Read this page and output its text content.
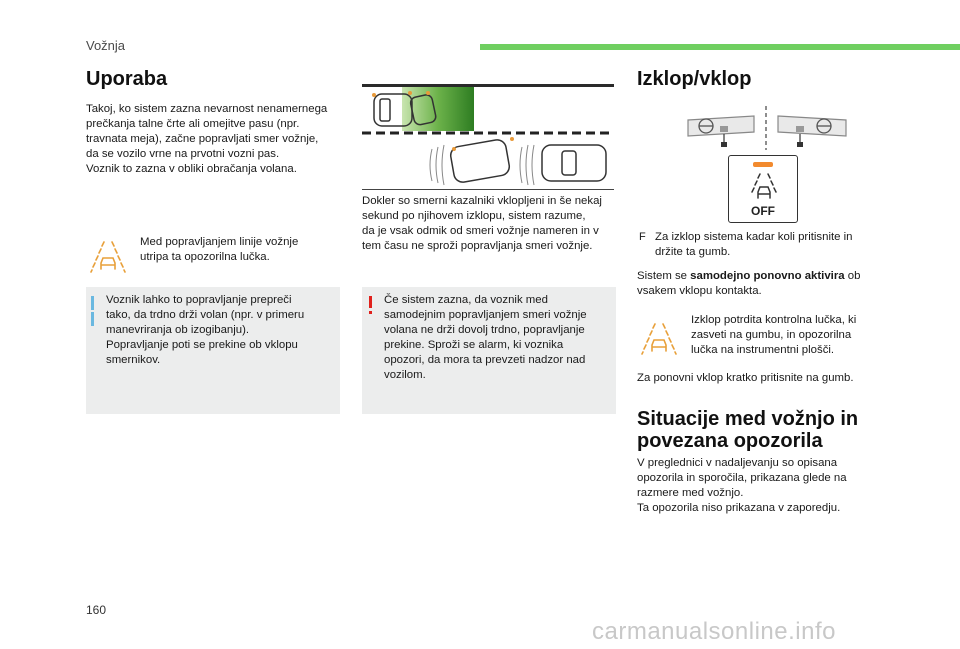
Vožnja
Uporaba

Takoj, ko sistem zazna nevarnost nenamernega

prečkanja talne črte ali omejitve pasu (npr.

travnata meja), začne popravljati smer vožnje,

da se vozilo vrne na prvotni vozni pas.

Voznik to zazna v obliki obračanja volana.

Med popravljanjem linije vožnje

utripa ta opozorilna lučka.

Voznik lahko to popravljanje prepreči

tako, da trdno drži volan (npr. v primeru

manevriranja ob izogibanju).

Popravljanje poti se prekine ob vklopu

smernikov.

Dokler so smerni kazalniki vklopljeni in še nekaj

sekund po njihovem izklopu, sistem razume,

da je vsak odmik od smeri vožnje nameren in v

tem času ne sproži popravljanja smeri vožnje.

Če sistem zazna, da voznik med

samodejnim popravljanjem smeri vožnje

volana ne drži dovolj trdno, popravljanje

prekine. Sproži se alarm, ki voznika

opozori, da mora ta prevzeti nadzor nad

vozilom.

Izklop/vklop
OFF
F Za izklop sistema kadar koli pritisnite in

držite ta gumb.

Sistem se samodejno ponovno aktivira ob

vsakem vklopu kontakta.

Izklop potrdita kontrolna lučka, ki

zasveti na gumbu, in opozorilna

lučka na instrumentni plošči.

Za ponovni vklop kratko pritisnite na gumb.

Situacije med vožnjo in
povezana opozorila

V preglednici v nadaljevanju so opisana

opozorila in sporočila, prikazana glede na

razmere med vožnjo.

Ta opozorila niso prikazana v zaporedju.

160
carmanualsonline.info
